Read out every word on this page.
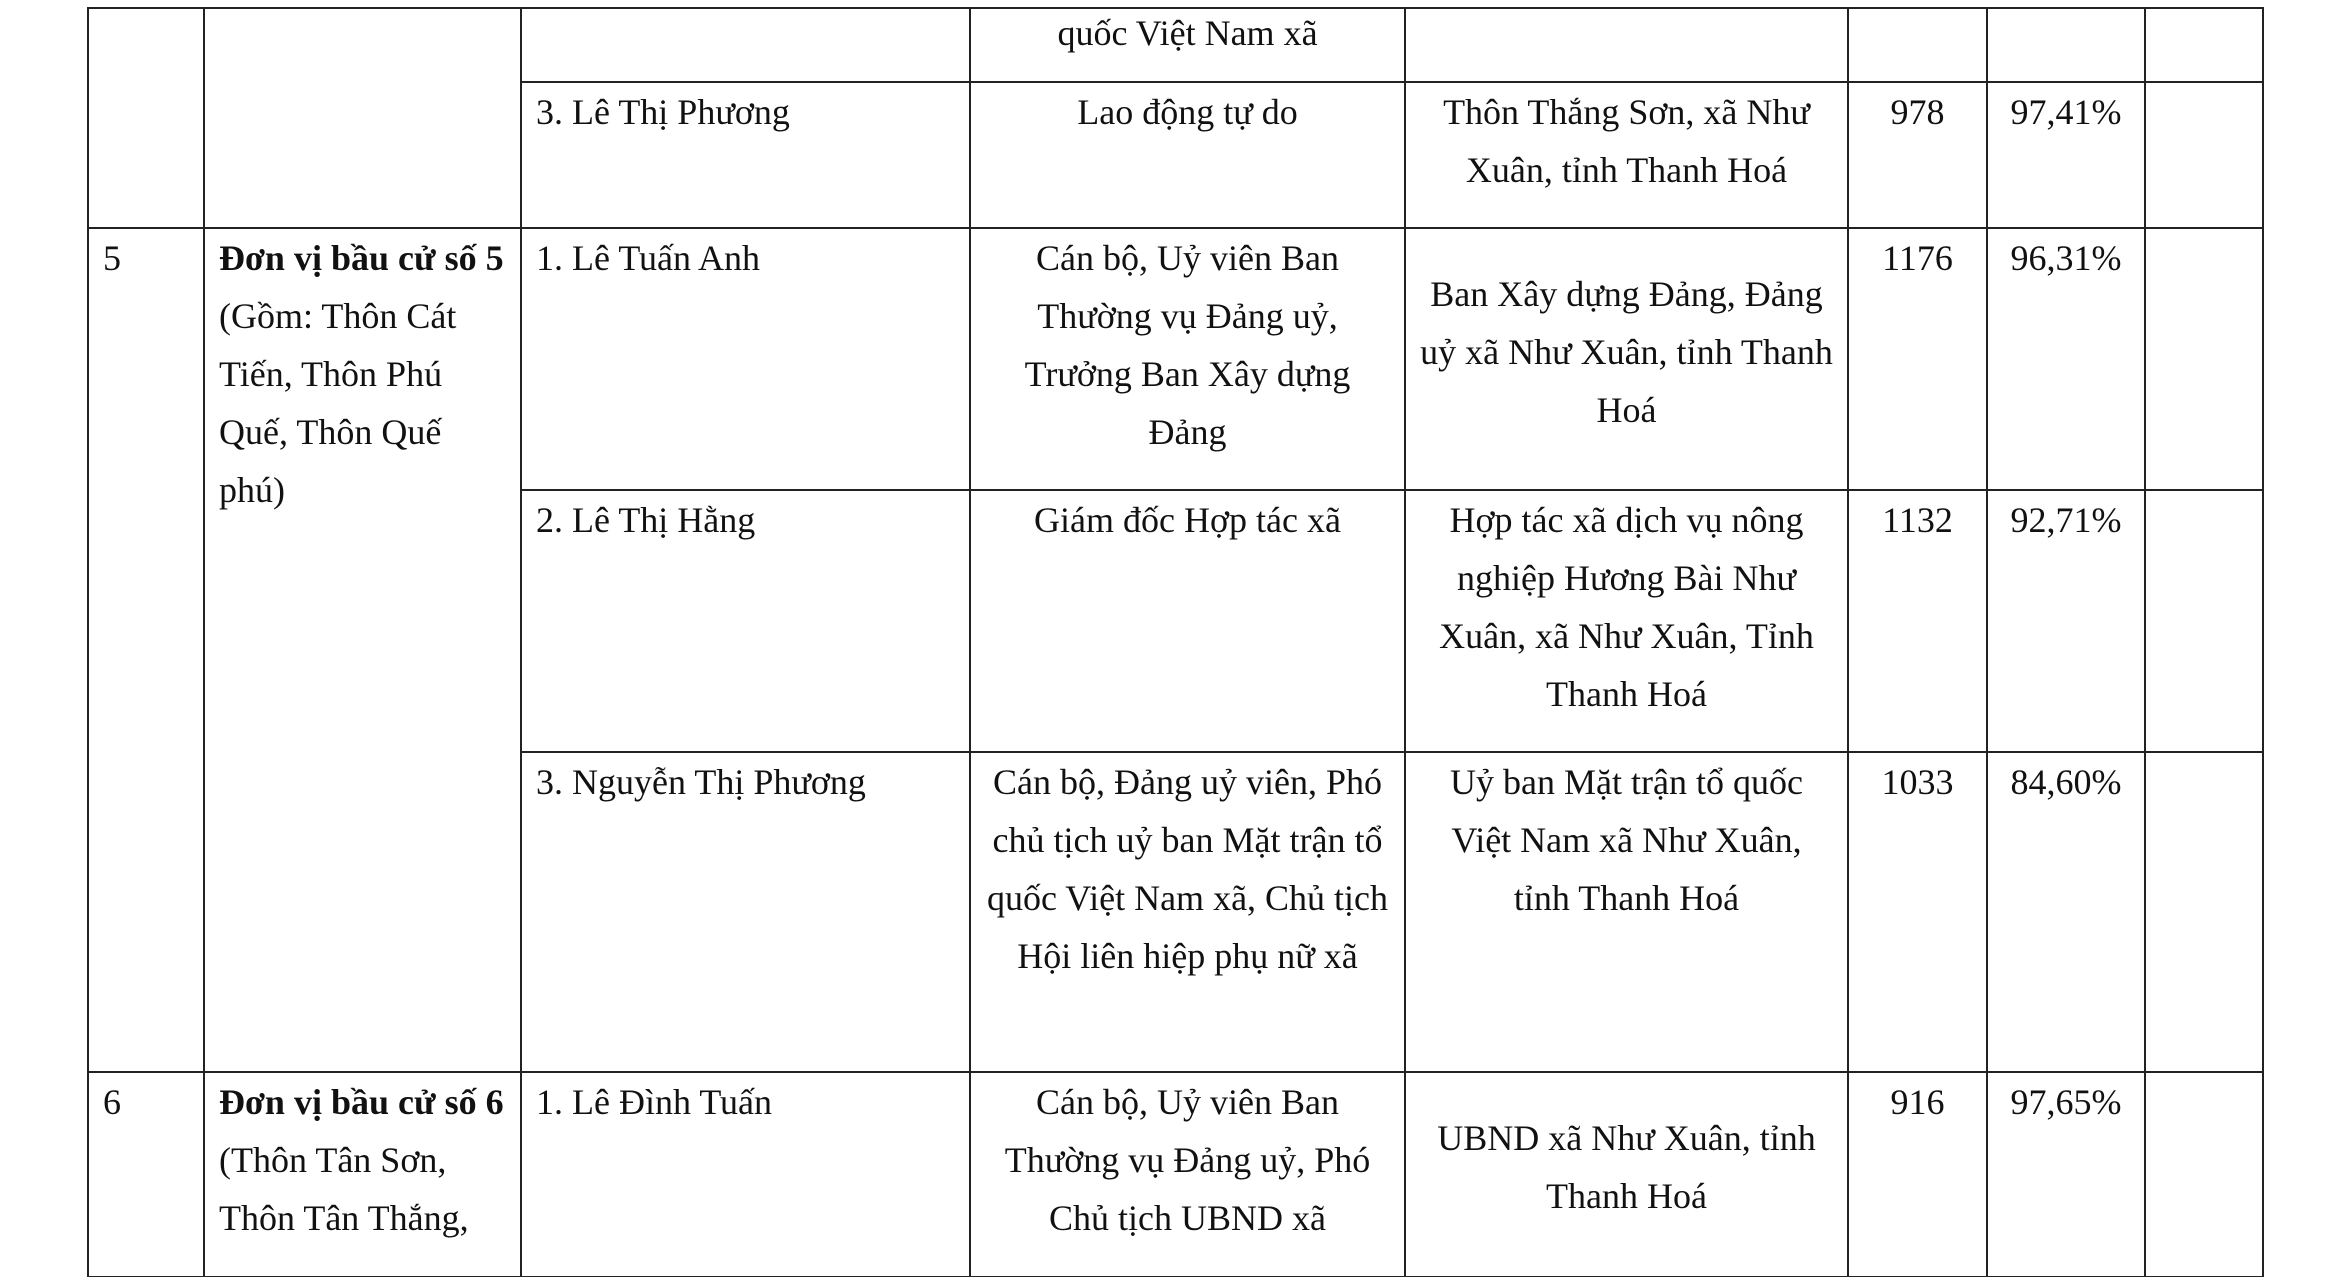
			quốc Việt Nam xã				
		3. Lê Thị Phương	Lao động tự do	Thôn Thắng Sơn, xã Như Xuân, tỉnh Thanh Hoá	978	97,41%	
5	Đơn vị bầu cử số 5 (Gồm: Thôn Cát Tiến, Thôn Phú Quế, Thôn Quế phú)	1. Lê Tuấn Anh	Cán bộ, Uỷ viên Ban Thường vụ Đảng uỷ, Trưởng Ban Xây dựng Đảng	Ban Xây dựng Đảng, Đảng uỷ xã Như Xuân, tỉnh Thanh Hoá	1176	96,31%	
		2. Lê Thị Hằng	Giám đốc Hợp tác xã	Hợp tác xã dịch vụ nông nghiệp Hương Bài Như Xuân, xã Như Xuân, Tỉnh Thanh Hoá	1132	92,71%	
		3. Nguyễn Thị Phương	Cán bộ, Đảng uỷ viên, Phó chủ tịch uỷ ban Mặt trận tổ quốc Việt Nam xã, Chủ tịch Hội liên hiệp phụ nữ xã	Uỷ ban Mặt trận tổ quốc Việt Nam xã Như Xuân, tỉnh Thanh Hoá	1033	84,60%	
6	Đơn vị bầu cử số 6 (Thôn Tân Sơn, Thôn Tân Thắng,	1. Lê Đình Tuấn	Cán bộ, Uỷ viên Ban Thường vụ Đảng uỷ, Phó Chủ tịch UBND xã	UBND xã Như Xuân, tỉnh Thanh Hoá	916	97,65%	
